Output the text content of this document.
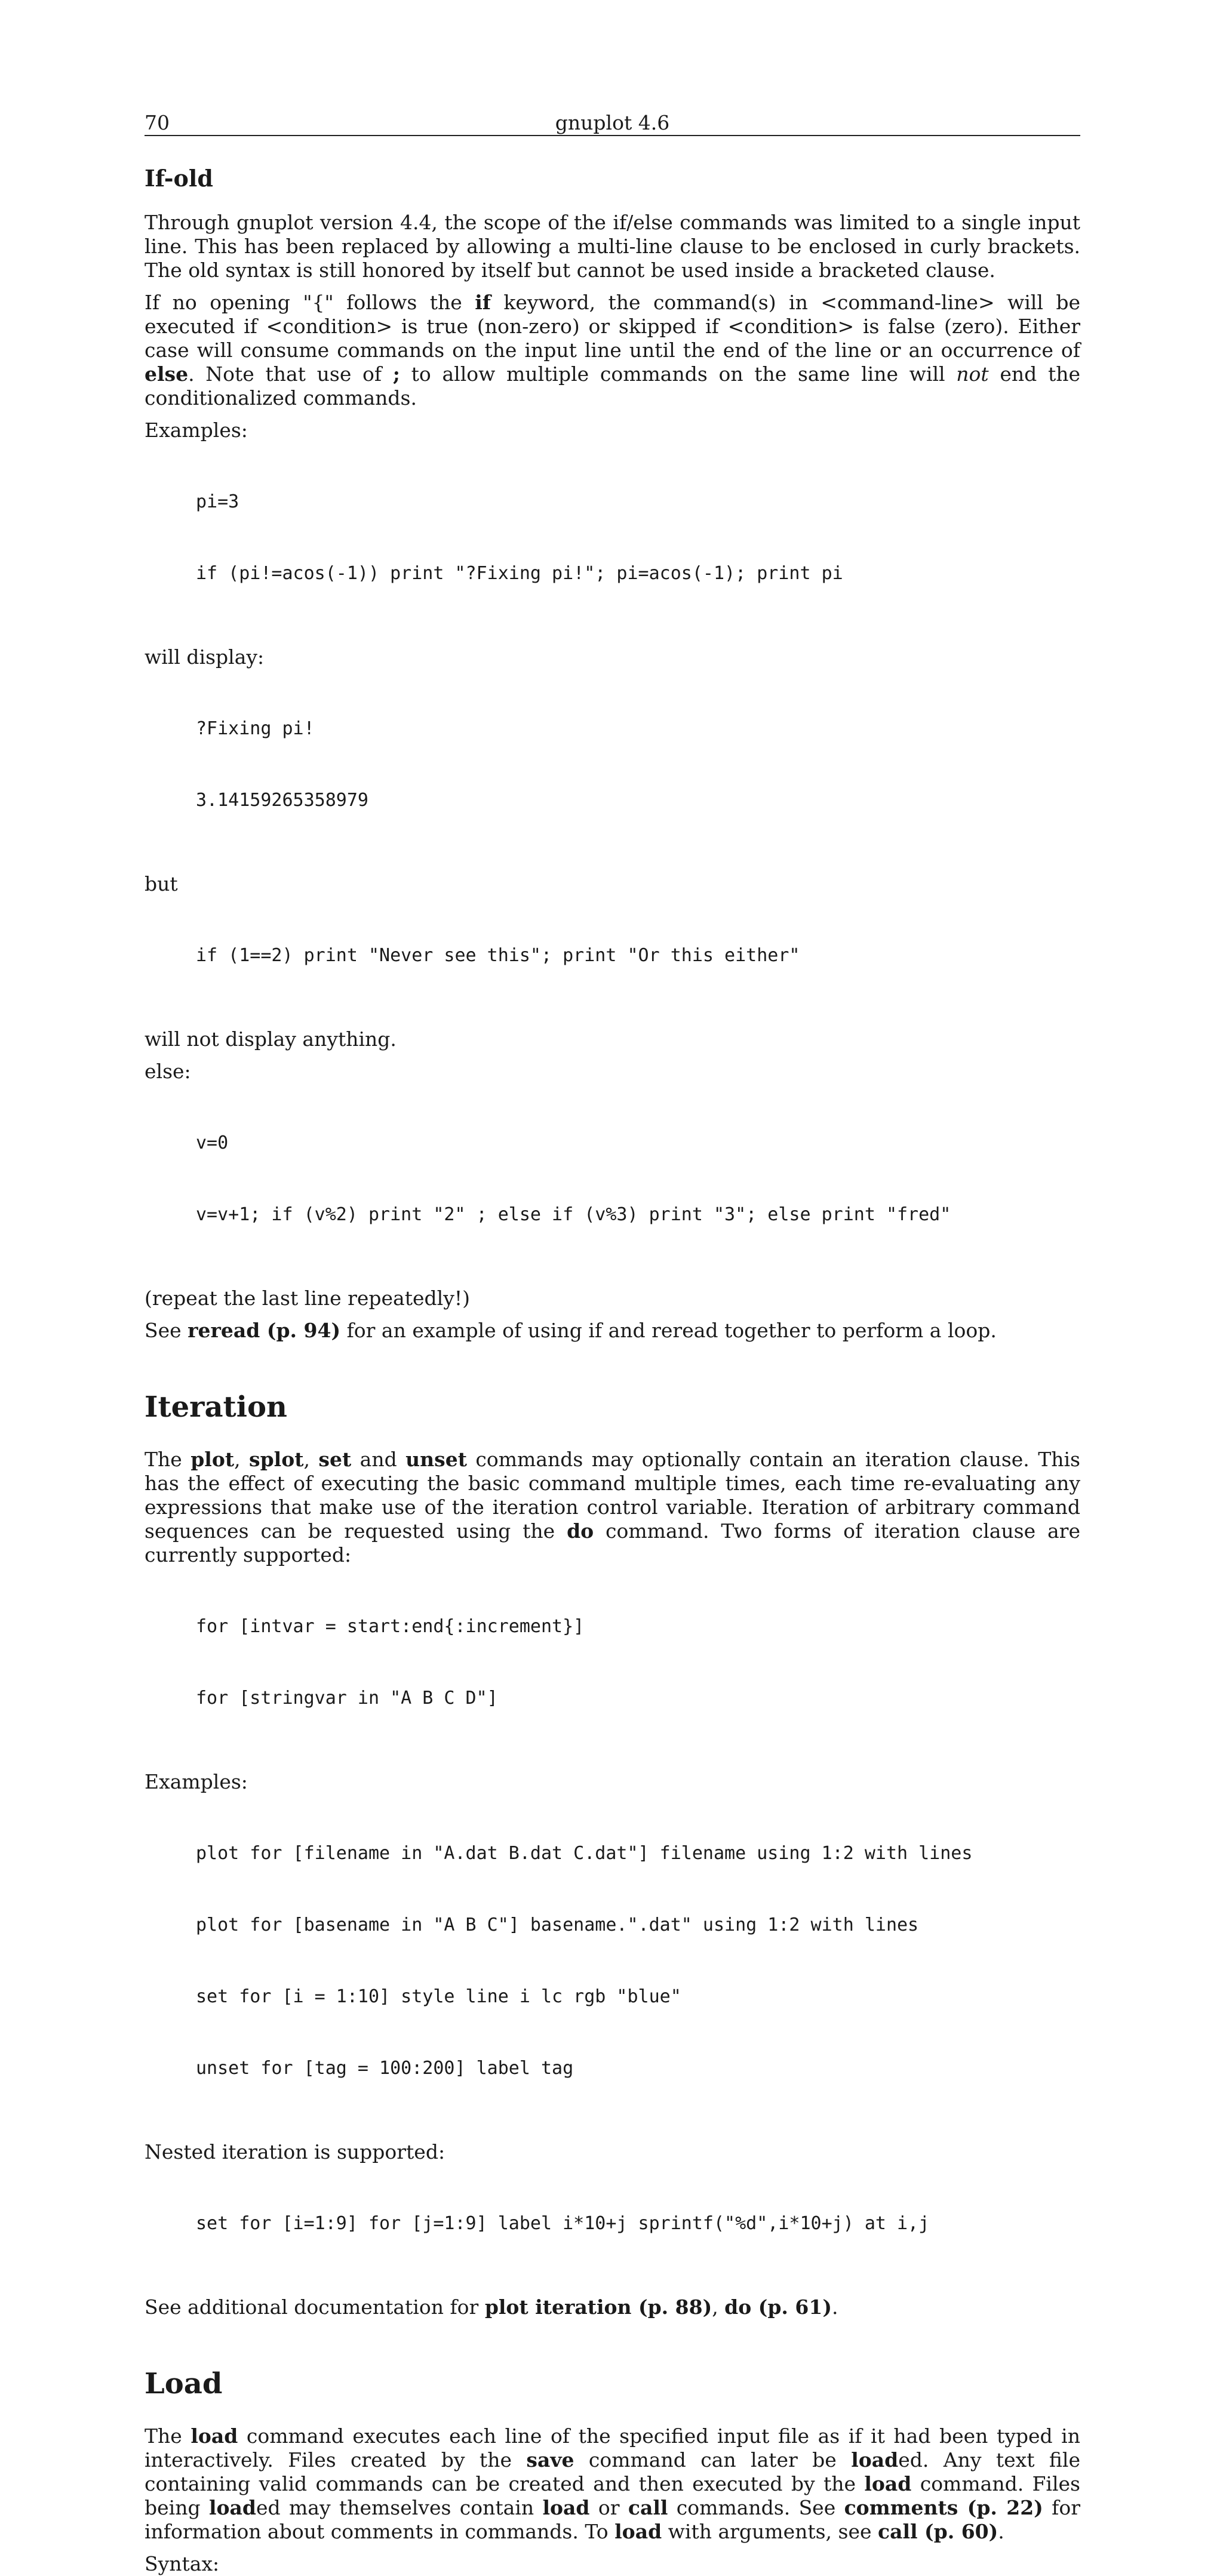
70	gnuplot 4.6
If-old

Through gnuplot version 4.4, the scope of the if/else commands was limited to a single input line. This has been replaced by allowing a multi-line clause to be enclosed in curly brackets. The old syntax is still honored by itself but cannot be used inside a bracketed clause.

If no opening "{" follows the if keyword, the command(s) in <command-line> will be executed if <condition> is true (non-zero) or skipped if <condition> is false (zero). Either case will consume commands on the input line until the end of the line or an occurrence of else. Note that use of ; to allow multiple commands on the same line will not end the conditionalized commands.

Examples:

pi=3

if (pi!=acos(-1)) print "?Fixing pi!"; pi=acos(-1); print pi

will display:

?Fixing pi!

3.14159265358979

but

if (1==2) print "Never see this"; print "Or this either"

will not display anything.

else:

v=0

v=v+1; if (v%2) print "2" ; else if (v%3) print "3"; else print "fred"

(repeat the last line repeatedly!)

See reread (p. 94) for an example of using if and reread together to perform a loop.

Iteration

The plot, splot, set and unset commands may optionally contain an iteration clause. This has the effect of executing the basic command multiple times, each time re-evaluating any expressions that make use of the iteration control variable. Iteration of arbitrary command sequences can be requested using the do command. Two forms of iteration clause are currently supported:

for [intvar = start:end{:increment}]

for [stringvar in "A B C D"]

Examples:

plot for [filename in "A.dat B.dat C.dat"] filename using 1:2 with lines

plot for [basename in "A B C"] basename.".dat" using 1:2 with lines

set for [i = 1:10] style line i lc rgb "blue"

unset for [tag = 100:200] label tag

Nested iteration is supported:

set for [i=1:9] for [j=1:9] label i*10+j sprintf("%d",i*10+j) at i,j

See additional documentation for plot iteration (p. 88), do (p. 61).

Load

The load command executes each line of the specified input file as if it had been typed in interactively. Files created by the save command can later be loaded. Any text file containing valid commands can be created and then executed by the load command. Files being loaded may themselves contain load or call commands. See comments (p. 22) for information about comments in commands. To load with arguments, see call (p. 60).

Syntax:
